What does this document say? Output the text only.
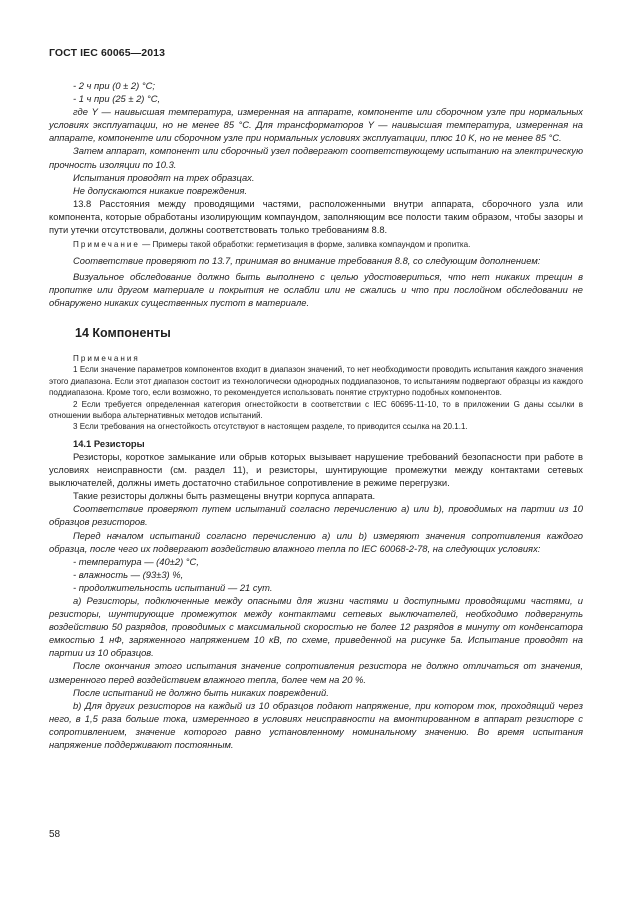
ГОСТ IEC 60065—2013

- 2 ч при (0 ± 2) °С;

- 1 ч при (25 ± 2) °С,

где Y — наивысшая температура, измеренная на аппарате, компоненте или сборочном узле при нормальных условиях эксплуатации, но не менее 85 °С. Для трансформаторов Y — наивысшая температура, измеренная на аппарате, компоненте или сборочном узле при нормальных условиях эксплуатации, плюс 10 K, но не менее 85 °С.

Затем аппарат, компонент или сборочный узел подвергают соответствующему испытанию на электрическую прочность изоляции по 10.3.

Испытания проводят на трех образцах.

Не допускаются никакие повреждения.

13.8 Расстояния между проводящими частями, расположенными внутри аппарата, сборочного узла или компонента, которые обработаны изолирующим компаундом, заполняющим все полости таким образом, чтобы зазоры и пути утечки отсутствовали, должны соответствовать только требованиям 8.8.

Примечание — Примеры такой обработки: герметизация в форме, заливка компаундом и пропитка.

Соответствие проверяют по 13.7, принимая во внимание требования 8.8, со следующим дополнением:

Визуальное обследование должно быть выполнено с целью удостовериться, что нет никаких трещин в пропитке или другом материале и покрытия не ослабли или не сжались и что при послойном обследовании не обнаружено никаких существенных пустот в материале.

14 Компоненты

Примечания

1 Если значение параметров компонентов входит в диапазон значений, то нет необходимости проводить испытания каждого значения этого диапазона. Если этот диапазон состоит из технологически однородных поддиапазонов, то испытаниям подвергают образцы из каждого поддиапазона. Кроме того, если возможно, то рекомендуется использовать понятие структурно подобных компонентов.

2 Если требуется определенная категория огнестойкости в соответствии с IEC 60695-11-10, то в приложении G даны ссылки в отношении выбора альтернативных методов испытаний.

3 Если требования на огнестойкость отсутствуют в настоящем разделе, то приводится ссылка на 20.1.1.

14.1 Резисторы

Резисторы, короткое замыкание или обрыв которых вызывает нарушение требований безопасности при работе в условиях неисправности (см. раздел 11), и резисторы, шунтирующие промежутки между контактами сетевых выключателей, должны иметь достаточно стабильное сопротивление в режиме перегрузки.

Такие резисторы должны быть размещены внутри корпуса аппарата.

Соответствие проверяют путем испытаний согласно перечислению a) или b), проводимых на партии из 10 образцов резисторов.

Перед началом испытаний согласно перечислению a) или b) измеряют значения сопротивления каждого образца, после чего их подвергают воздействию влажного тепла по IEC 60068-2-78, на следующих условиях:

- температура — (40±2) °С,

- влажность — (93±3) %,

- продолжительность испытаний — 21 сут.

a) Резисторы, подключенные между опасными для жизни частями и доступными проводящими частями, и резисторы, шунтирующие промежуток между контактами сетевых выключателей, необходимо подвергнуть воздействию 50 разрядов, проводимых с максимальной скоростью не более 12 разрядов в минуту от конденсатора емкостью 1 нФ, заряженного напряжением 10 кВ, по схеме, приведенной на рисунке 5а. Испытание проводят на партии из 10 образцов.

После окончания этого испытания значение сопротивления резистора не должно отличаться от значения, измеренного перед воздействием влажного тепла, более чем на 20 %.

После испытаний не должно быть никаких повреждений.

b) Для других резисторов на каждый из 10 образцов подают напряжение, при котором ток, проходящий через него, в 1,5 раза больше тока, измеренного в условиях неисправности на вмонтированном в аппарат резисторе с сопротивлением, значение которого равно установленному номинальному значению. Во время испытания напряжение поддерживают постоянным.

58
